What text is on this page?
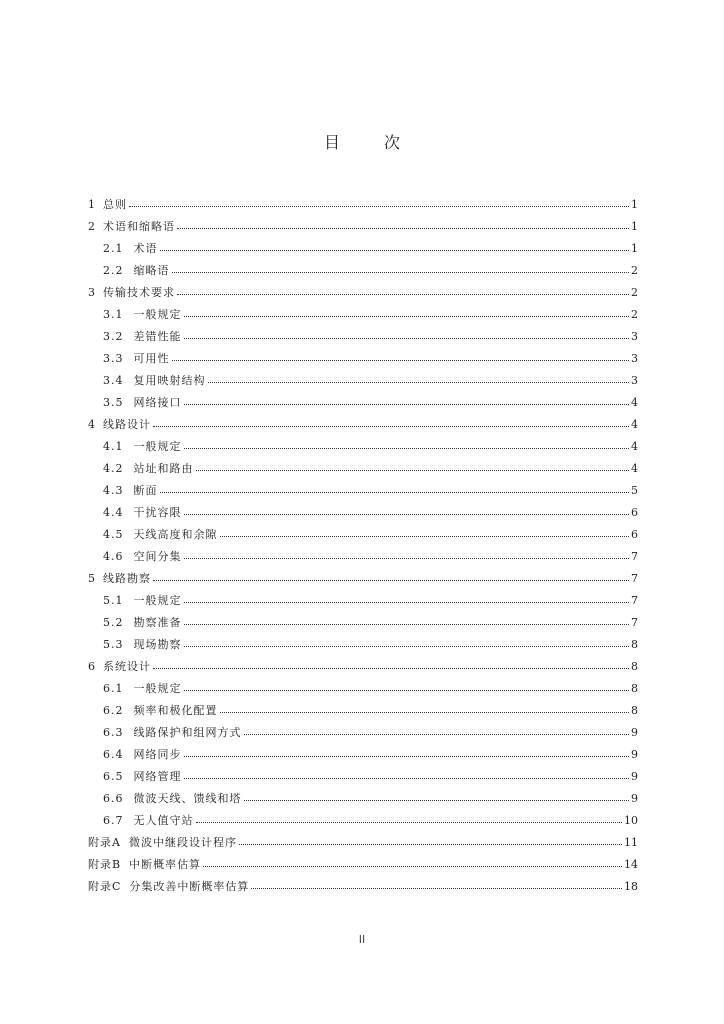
目　次
1 总则	1
2 术语和缩略语	1
2.1 术语	1
2.2 缩略语	2
3 传输技术要求	2
3.1 一般规定	2
3.2 差错性能	3
3.3 可用性	3
3.4 复用映射结构	3
3.5 网络接口	4
4 线路设计	4
4.1 一般规定	4
4.2 站址和路由	4
4.3 断面	5
4.4 干扰容限	6
4.5 天线高度和余隙	6
4.6 空间分集	7
5 线路勘察	7
5.1 一般规定	7
5.2 勘察准备	7
5.3 现场勘察	8
6 系统设计	8
6.1 一般规定	8
6.2 频率和极化配置	8
6.3 线路保护和组网方式	9
6.4 网络同步	9
6.5 网络管理	9
6.6 微波天线、馈线和塔	9
6.7 无人值守站	10
附录A 微波中继段设计程序	11
附录B 中断概率估算	14
附录C 分集改善中断概率估算	18
II
